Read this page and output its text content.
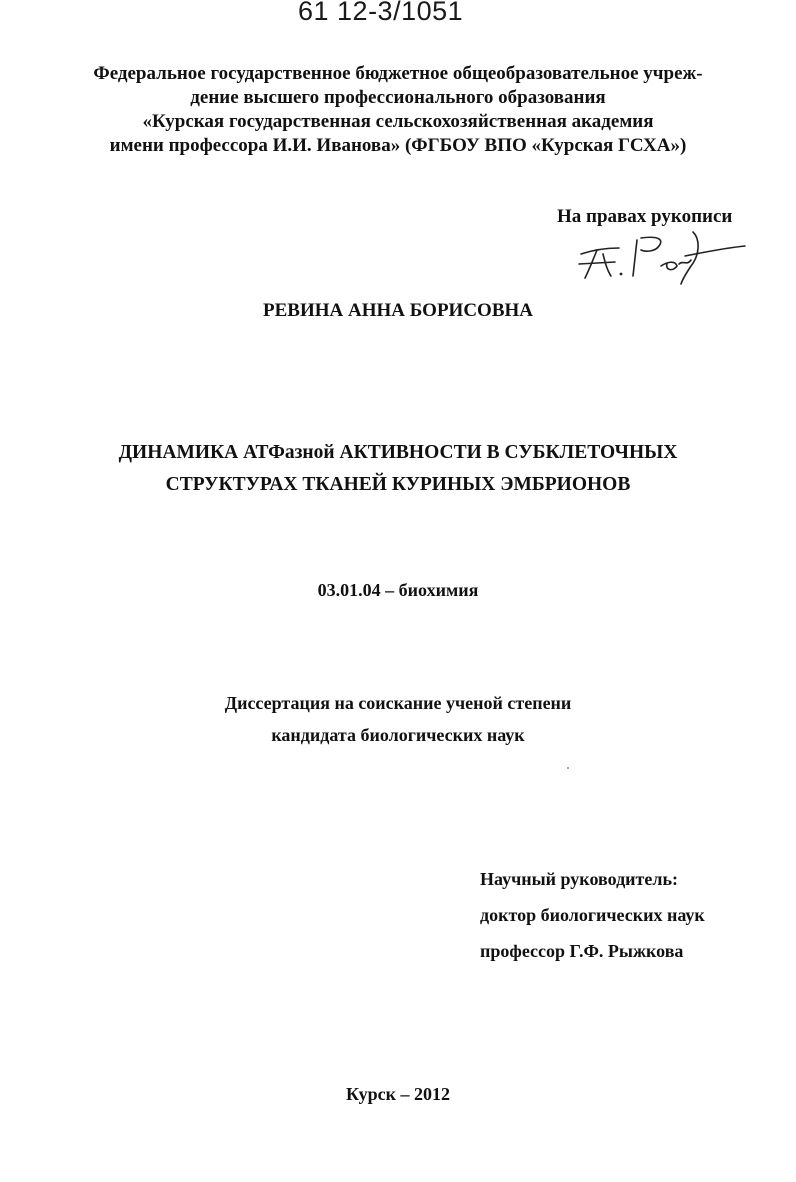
61 12-3/1051
Федеральное государственное бюджетное общеобразовательное учреж-
дение высшего профессионального образования
«Курская государственная сельскохозяйственная академия
имени профессора И.И. Иванова» (ФГБОУ ВПО «Курская ГСХА»)
На правах рукописи
РЕВИНА АННА БОРИСОВНА
ДИНАМИКА АТФазной АКТИВНОСТИ В СУБКЛЕТОЧНЫХ
СТРУКТУРАХ ТКАНЕЙ КУРИНЫХ ЭМБРИОНОВ
03.01.04 – биохимия
Диссертация на соискание ученой степени
кандидата биологических наук
Научный руководитель:
доктор биологических наук
профессор Г.Ф. Рыжкова
Курск – 2012
